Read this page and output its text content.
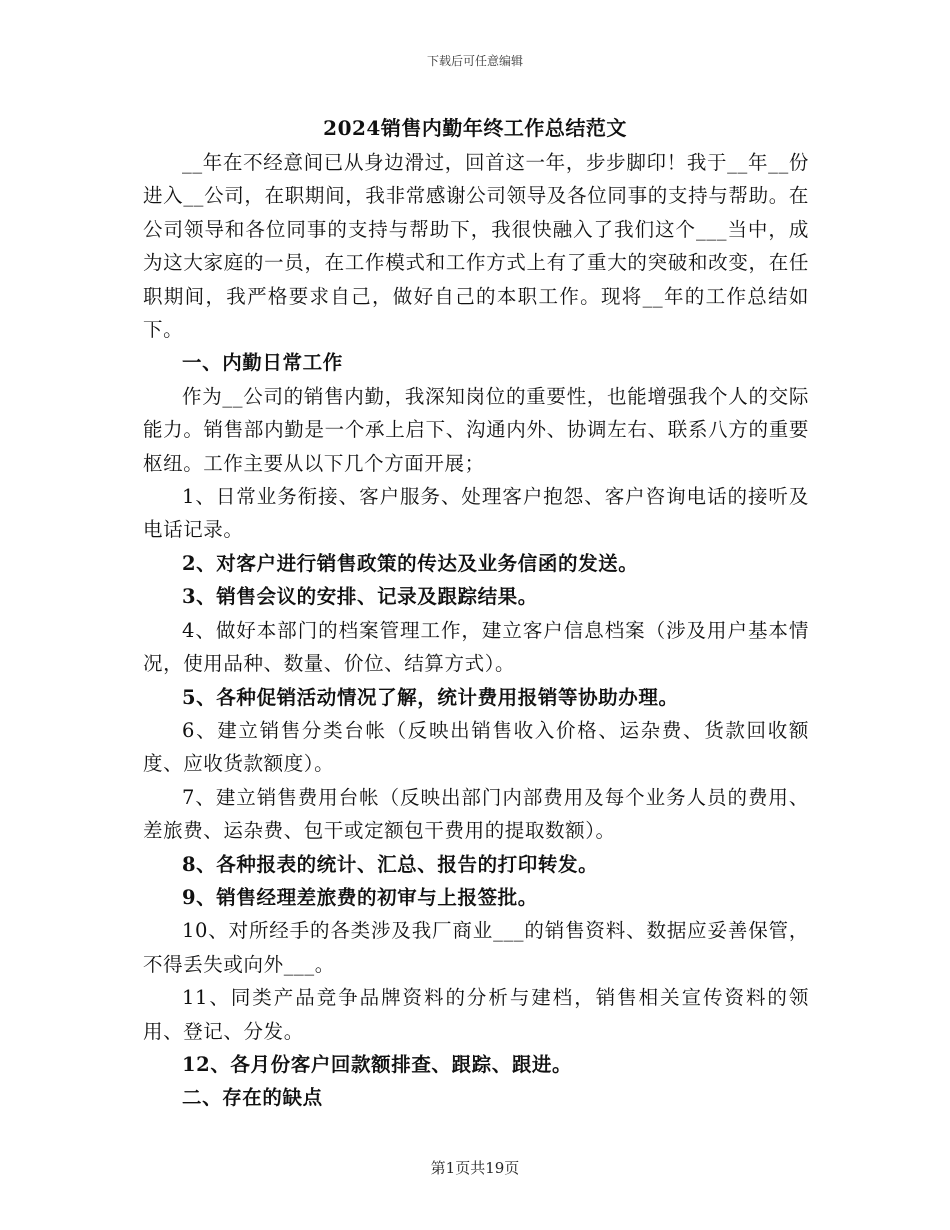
下载后可任意编辑
2024销售内勤年终工作总结范文

__年在不经意间已从身边滑过，回首这一年，步步脚印！我于__年__份进入__公司，在职期间，我非常感谢公司领导及各位同事的支持与帮助。在公司领导和各位同事的支持与帮助下，我很快融入了我们这个___当中，成为这大家庭的一员，在工作模式和工作方式上有了重大的突破和改变，在任职期间，我严格要求自己，做好自己的本职工作。现将__年的工作总结如下。

一、内勤日常工作

作为__公司的销售内勤，我深知岗位的重要性，也能增强我个人的交际能力。销售部内勤是一个承上启下、沟通内外、协调左右、联系八方的重要枢纽。工作主要从以下几个方面开展；

1、日常业务衔接、客户服务、处理客户抱怨、客户咨询电话的接听及电话记录。

2、对客户进行销售政策的传达及业务信函的发送。

3、销售会议的安排、记录及跟踪结果。

4、做好本部门的档案管理工作，建立客户信息档案（涉及用户基本情况，使用品种、数量、价位、结算方式）。

5、各种促销活动情况了解，统计费用报销等协助办理。

6、建立销售分类台帐（反映出销售收入价格、运杂费、货款回收额度、应收货款额度）。

7、建立销售费用台帐（反映出部门内部费用及每个业务人员的费用、差旅费、运杂费、包干或定额包干费用的提取数额）。

8、各种报表的统计、汇总、报告的打印转发。

9、销售经理差旅费的初审与上报签批。

10、对所经手的各类涉及我厂商业___的销售资料、数据应妥善保管，不得丢失或向外___。

11、同类产品竞争品牌资料的分析与建档，销售相关宣传资料的领用、登记、分发。

12、各月份客户回款额排查、跟踪、跟进。

二、存在的缺点

第1页共19页
